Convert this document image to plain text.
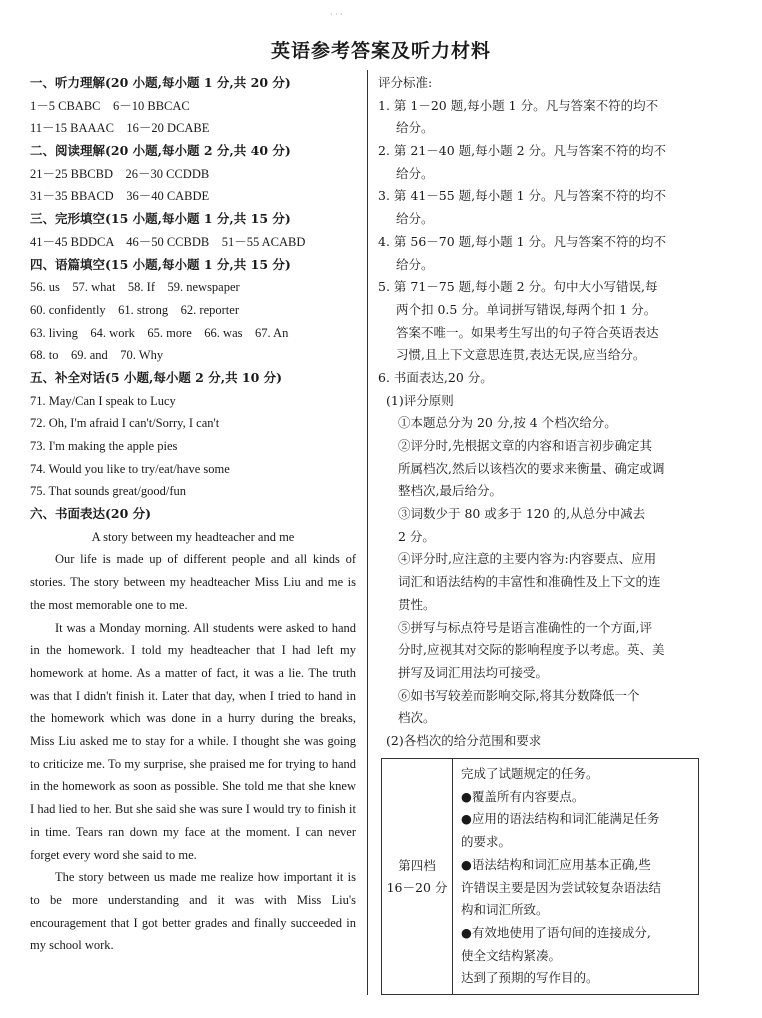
· · ·
英语参考答案及听力材料
一、听力理解(20 小题,每小题 1 分,共 20 分)
1－5 CBABC　6－10 BBCAC
11－15 BAAAC　16－20 DCABE
二、阅读理解(20 小题,每小题 2 分,共 40 分)
21－25 BBCBD　26－30 CCDDB
31－35 BBACD　36－40 CABDE
三、完形填空(15 小题,每小题 1 分,共 15 分)
41－45 BDDCA　46－50 CCBDB　51－55 ACABD
四、语篇填空(15 小题,每小题 1 分,共 15 分)
56. us　57. what　58. If　59. newspaper
60. confidently　61. strong　62. reporter
63. living　64. work　65. more　66. was　67. An
68. to　69. and　70. Why
五、补全对话(5 小题,每小题 2 分,共 10 分)
71. May/Can I speak to Lucy
72. Oh, I'm afraid I can't/Sorry, I can't
73. I'm making the apple pies
74. Would you like to try/eat/have some
75. That sounds great/good/fun
六、书面表达(20 分)
A story between my headteacher and me

Our life is made up of different people and all kinds of stories. The story between my headteacher Miss Liu and me is the most memorable one to me.

It was a Monday morning. All students were asked to hand in the homework. I told my headteacher that I had left my homework at home. As a matter of fact, it was a lie. The truth was that I didn't finish it. Later that day, when I tried to hand in the homework which was done in a hurry during the breaks, Miss Liu asked me to stay for a while. I thought she was going to criticize me. To my surprise, she praised me for trying to hand in the homework as soon as possible. She told me that she knew I had lied to her. But she said she was sure I would try to finish it in time. Tears ran down my face at the moment. I can never forget every word she said to me.

The story between us made me realize how important it is to be more understanding and it was with Miss Liu's encouragement that I got better grades and finally succeeded in my school work.

评分标准:
1. 第 1－20 题,每小题 1 分。凡与答案不符的均不
给分。
2. 第 21－40 题,每小题 2 分。凡与答案不符的均不
给分。
3. 第 41－55 题,每小题 1 分。凡与答案不符的均不
给分。
4. 第 56－70 题,每小题 1 分。凡与答案不符的均不
给分。
5. 第 71－75 题,每小题 2 分。句中大小写错误,每
两个扣 0.5 分。单词拼写错误,每两个扣 1 分。
答案不唯一。如果考生写出的句子符合英语表达
习惯,且上下文意思连贯,表达无误,应当给分。
6. 书面表达,20 分。
(1)评分原则
①本题总分为 20 分,按 4 个档次给分。
②评分时,先根据文章的内容和语言初步确定其
所属档次,然后以该档次的要求来衡量、确定或调
整档次,最后给分。
③词数少于 80 或多于 120 的,从总分中减去
2 分。
④评分时,应注意的主要内容为:内容要点、应用
词汇和语法结构的丰富性和准确性及上下文的连
贯性。
⑤拼写与标点符号是语言准确性的一个方面,评
分时,应视其对交际的影响程度予以考虑。英、美
拼写及词汇用法均可接受。
⑥如书写较差而影响交际,将其分数降低一个
档次。
(2)各档次的给分范围和要求
第四档
16－20 分

完成了试题规定的任务。
●覆盖所有内容要点。
●应用的语法结构和词汇能满足任务
的要求。
●语法结构和词汇应用基本正确,些
许错误主要是因为尝试较复杂语法结
构和词汇所致。
●有效地使用了语句间的连接成分,
使全文结构紧凑。
达到了预期的写作目的。
